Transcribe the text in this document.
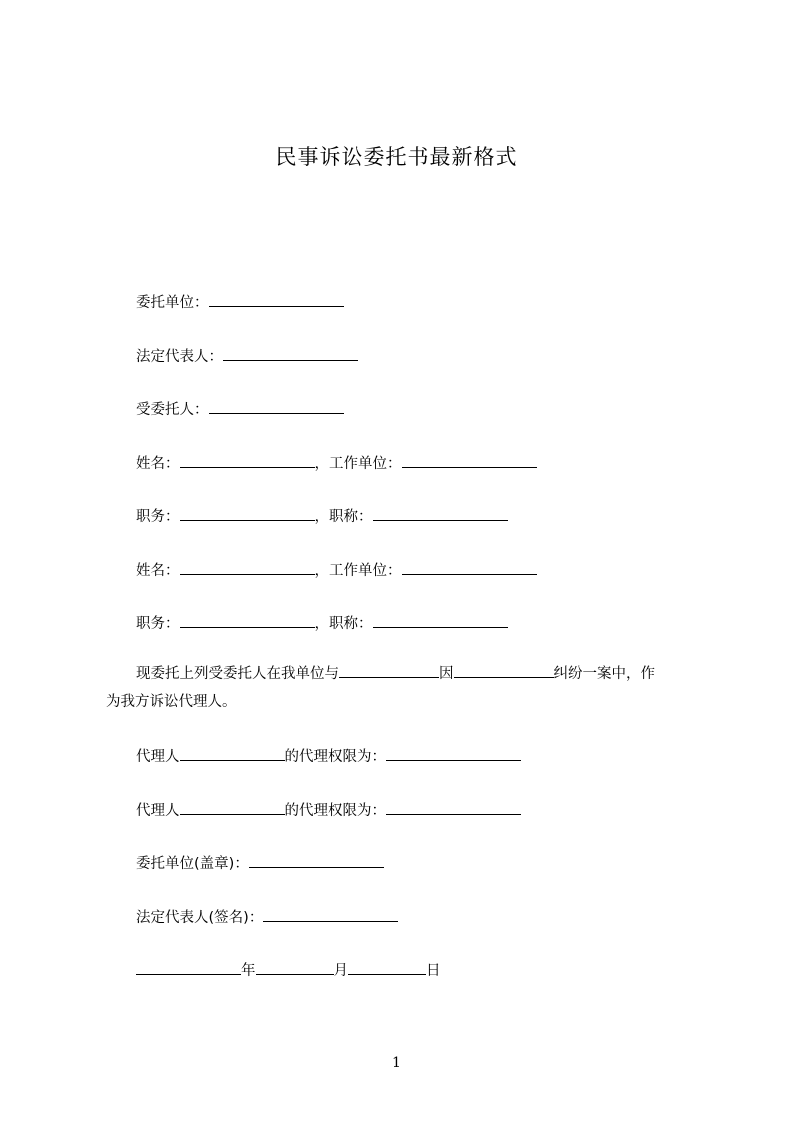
民事诉讼委托书最新格式
委托单位：
法定代表人：
受委托人：
姓名：	，工作单位：
职务：	，职称：
姓名：	，工作单位：
职务：	，职称：
现委托上列受委托人在我单位与	因	纠纷一案中，作
为我方诉讼代理人。
代理人	的代理权限为：
代理人	的代理权限为：
委托单位(盖章)：
法定代表人(签名)：
年	月	日
1
